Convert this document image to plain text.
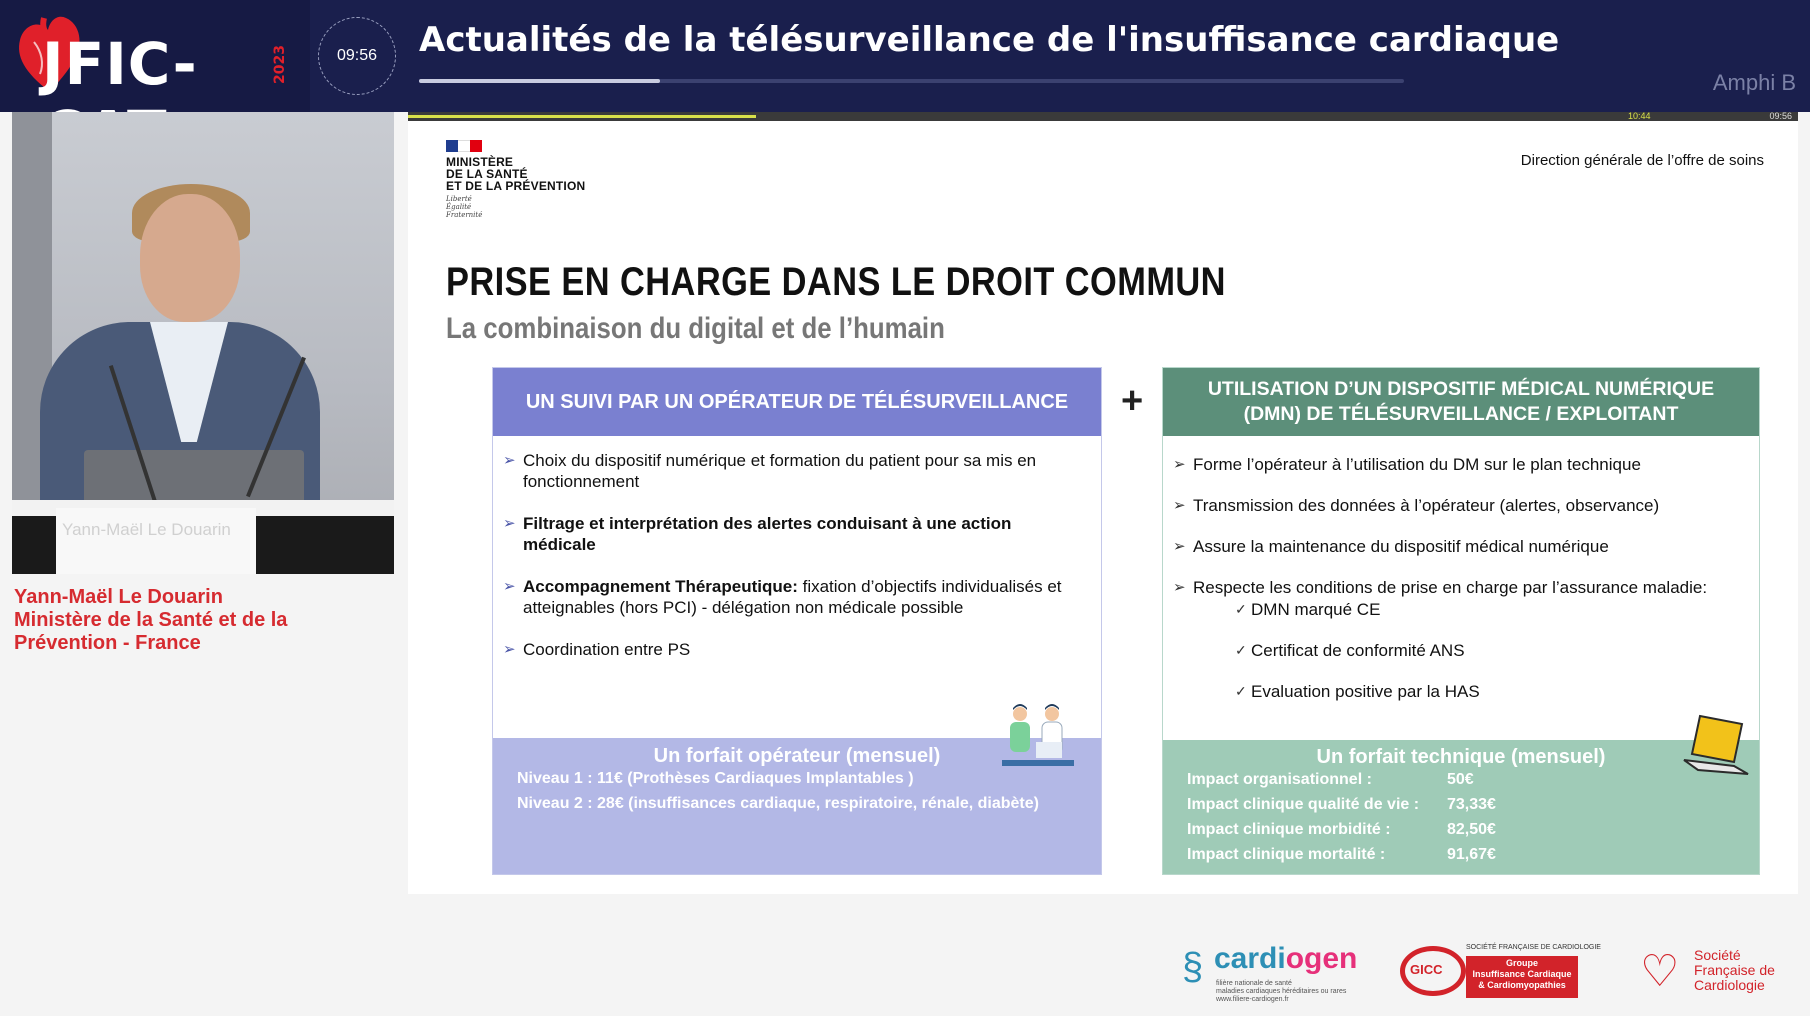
JFIC-	2023	09:56	Actualités de la télésurveillance de l'insuffisance cardiaque
Amphi B
Yann-Maël Le Douarin
Yann-Maël Le Douarin
Ministère de la Santé et de la
Prévention - France
10:44	09:56
MINISTÈRE
DE LA SANTÉ
ET DE LA PRÉVENTION
Liberté
Égalité
Fraternité
Direction générale de l’offre de soins
PRISE EN CHARGE DANS LE DROIT COMMUN
La combinaison du digital et de l’humain
UN SUIVI PAR UN OPÉRATEUR DE TÉLÉSURVEILLANCE
➢ Choix du dispositif numérique et formation du patient pour sa mis en fonctionnement
➢ Filtrage et interprétation des alertes conduisant à une action médicale
➢ Accompagnement Thérapeutique: fixation d’objectifs individualisés et atteignables (hors PCI) - délégation non médicale possible
➢ Coordination entre PS
Un forfait opérateur (mensuel)
Niveau 1 : 11€ (Prothèses Cardiaques Implantables )
Niveau 2 : 28€ (insuffisances cardiaque, respiratoire, rénale, diabète)
+	UTILISATION D’UN DISPOSITIF MÉDICAL NUMÉRIQUE
(DMN) DE TÉLÉSURVEILLANCE / EXPLOITANT
➢ Forme l’opérateur à l’utilisation du DM sur le plan technique
➢ Transmission des données à l’opérateur (alertes, observance)
➢ Assure la maintenance du dispositif médical numérique
➢ Respecte les conditions de prise en charge par l’assurance maladie:
✓ DMN marqué CE
✓ Certificat de conformité ANS
✓ Evaluation positive par la HAS
Un forfait technique (mensuel)
Impact organisationnel :	50€
Impact clinique qualité de vie : 73,33€
Impact clinique morbidité :	82,50€
Impact clinique mortalité :	91,67€
§ cardiogen
filière nationale de santé
maladies cardiaques héréditaires ou rares
www.filiere-cardiogen.fr
GICC
SOCIÉTÉ FRANÇAISE DE CARDIOLOGIE
Groupe
Insuffisance Cardiaque
& Cardiomyopathies ♡ Société
Française de
Cardiologie
